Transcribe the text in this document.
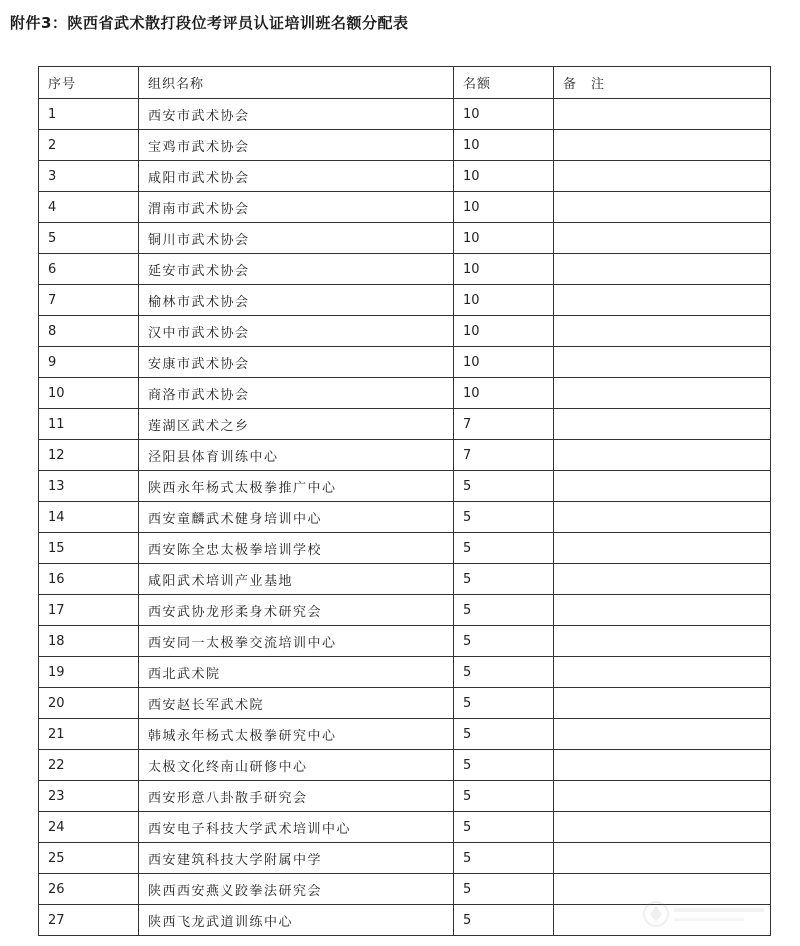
附件3：陕西省武术散打段位考评员认证培训班名额分配表
序号	组织名称	名额	备　注
1	西安市武术协会	10	
2	宝鸡市武术协会	10	
3	咸阳市武术协会	10	
4	渭南市武术协会	10	
5	铜川市武术协会	10	
6	延安市武术协会	10	
7	榆林市武术协会	10	
8	汉中市武术协会	10	
9	安康市武术协会	10	
10	商洛市武术协会	10	
11	莲湖区武术之乡	7	
12	泾阳县体育训练中心	7	
13	陕西永年杨式太极拳推广中心	5	
14	西安童麟武术健身培训中心	5	
15	西安陈全忠太极拳培训学校	5	
16	咸阳武术培训产业基地	5	
17	西安武协龙形柔身术研究会	5	
18	西安同一太极拳交流培训中心	5	
19	西北武术院	5	
20	西安赵长军武术院	5	
21	韩城永年杨式太极拳研究中心	5	
22	太极文化终南山研修中心	5	
23	西安形意八卦散手研究会	5	
24	西安电子科技大学武术培训中心	5	
25	西安建筑科技大学附属中学	5	
26	陕西西安燕义跤拳法研究会	5	
27	陕西飞龙武道训练中心	5	
